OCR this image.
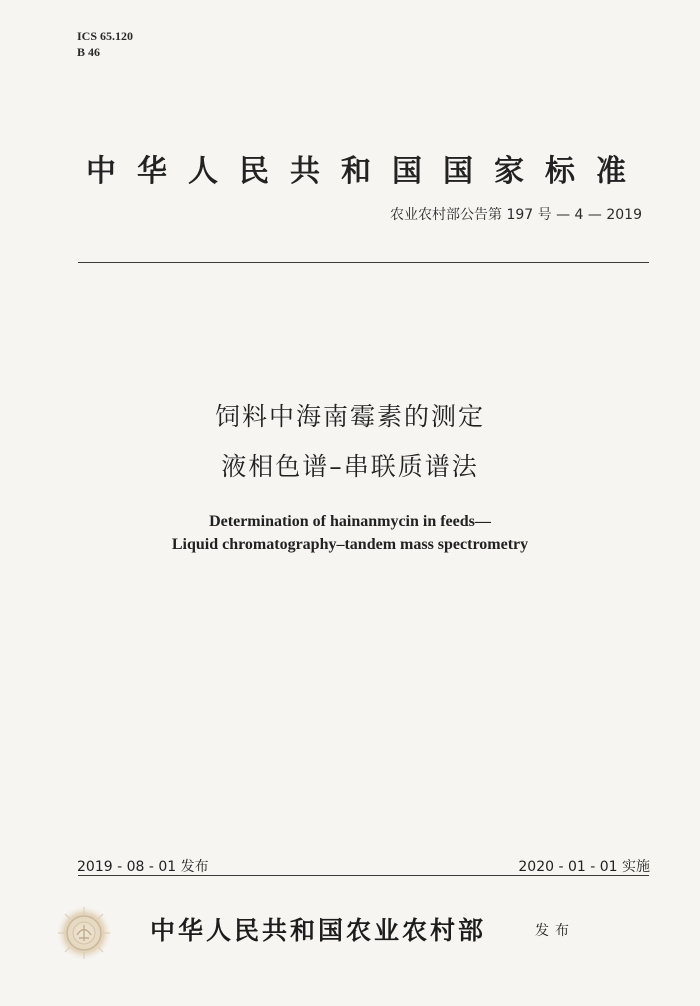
ICS 65.120
B 46
中华人民共和国国家标准
农业农村部公告第 197 号 — 4 — 2019
饲料中海南霉素的测定
液相色谱–串联质谱法
Determination of hainanmycin in feeds—
Liquid chromatography–tandem mass spectrometry
2019 - 08 - 01 发布	2020 - 01 - 01 实施
中华人民共和国农业农村部	发布
